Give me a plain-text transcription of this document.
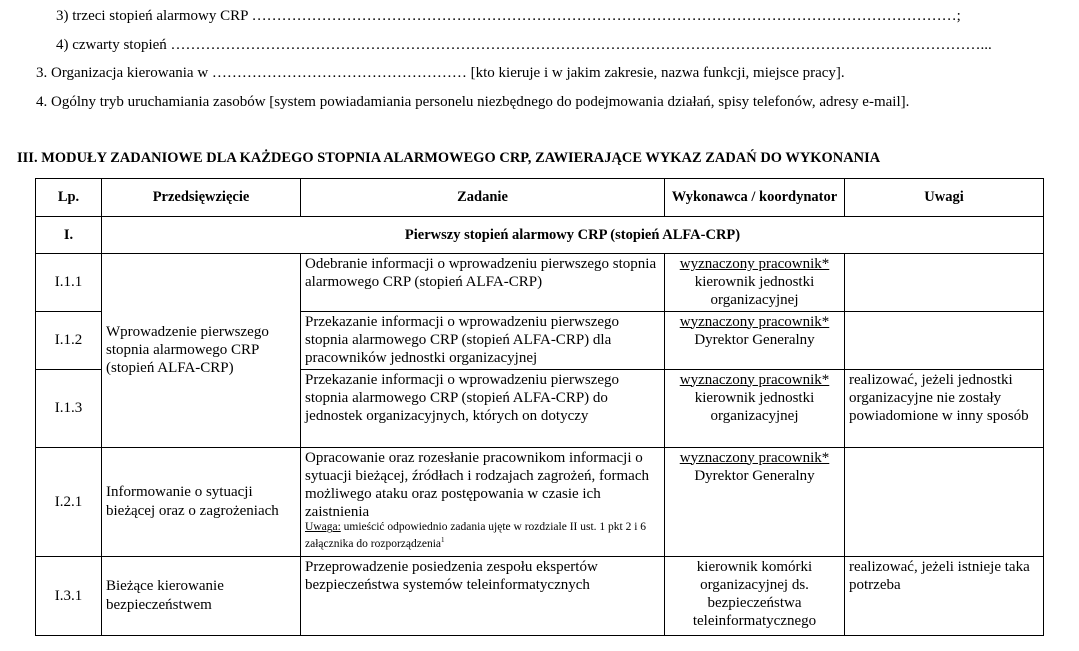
3) trzeci stopień alarmowy CRP ……………………………………………………………………………………………………………………………;
4) czwarty stopień ………………………………………………………………………………………………………………………………………………...
3. Organizacja kierowania w …………………………………………… [kto kieruje i w jakim zakresie, nazwa funkcji, miejsce pracy].
4. Ogólny tryb uruchamiania zasobów [system powiadamiania personelu niezbędnego do podejmowania działań, spisy telefonów, adresy e-mail].
III. MODUŁY ZADANIOWE DLA KAŻDEGO STOPNIA ALARMOWEGO CRP, ZAWIERAJĄCE WYKAZ ZADAŃ DO WYKONANIA
Lp.	Przedsięwzięcie	Zadanie	Wykonawca / koordynator	Uwagi
I.	Pierwszy stopień alarmowy CRP (stopień ALFA-CRP)			
I.1.1	Wprowadzenie pierwszego stopnia alarmowego CRP (stopień ALFA-CRP)	Odebranie informacji o wprowadzeniu pierwszego stopnia alarmowego CRP (stopień ALFA-CRP)	wyznaczony pracownik*
kierownik jednostki organizacyjnej	
I.1.2		Przekazanie informacji o wprowadzeniu pierwszego stopnia alarmowego CRP (stopień ALFA-CRP) dla pracowników jednostki organizacyjnej	wyznaczony pracownik*
Dyrektor Generalny	
I.1.3		Przekazanie informacji o wprowadzeniu pierwszego stopnia alarmowego CRP (stopień ALFA-CRP) do jednostek organizacyjnych, których on dotyczy	wyznaczony pracownik*
kierownik jednostki organizacyjnej	realizować, jeżeli jednostki organizacyjne nie zostały powiadomione w inny sposób
I.2.1	Informowanie o sytuacji bieżącej oraz o zagrożeniach	Opracowanie oraz rozesłanie pracownikom informacji o sytuacji bieżącej, źródłach i rodzajach zagrożeń, formach możliwego ataku oraz postępowania w czasie ich zaistnienia
Uwaga: umieścić odpowiednio zadania ujęte w rozdziale II ust. 1 pkt 2 i 6 załącznika do rozporządzenia$^1$	wyznaczony pracownik*
Dyrektor Generalny	
I.3.1	Bieżące kierowanie bezpieczeństwem	Przeprowadzenie posiedzenia zespołu ekspertów bezpieczeństwa systemów teleinformatycznych	kierownik komórki organizacyjnej ds. bezpieczeństwa teleinformatycznego	realizować, jeżeli istnieje taka potrzeba
